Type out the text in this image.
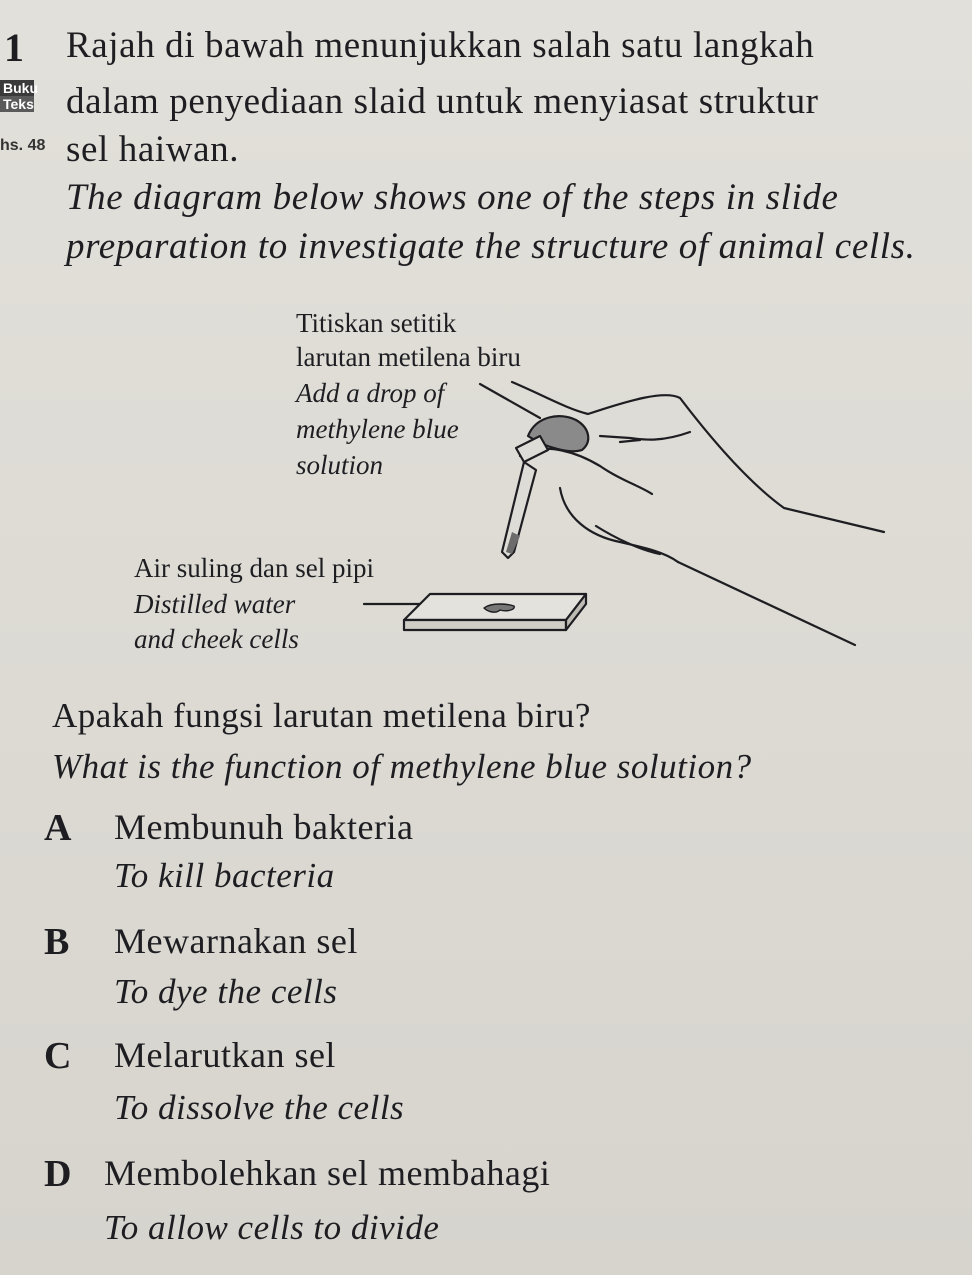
1
Buku
Teks
hs. 48
Rajah di bawah menunjukkan salah satu langkah
dalam penyediaan slaid untuk menyiasat struktur
sel haiwan.
The diagram below shows one of the steps in slide
preparation to investigate the structure of animal cells.
Titiskan setitik
larutan metilena biru
Add a drop of
methylene blue
solution
Air suling dan sel pipi
Distilled water
and cheek cells
Apakah fungsi larutan metilena biru?
What is the function of methylene blue solution?
A Membunuh bakteria
To kill bacteria
B Mewarnakan sel
To dye the cells
C Melarutkan sel
To dissolve the cells
D Membolehkan sel membahagi
To allow cells to divide
